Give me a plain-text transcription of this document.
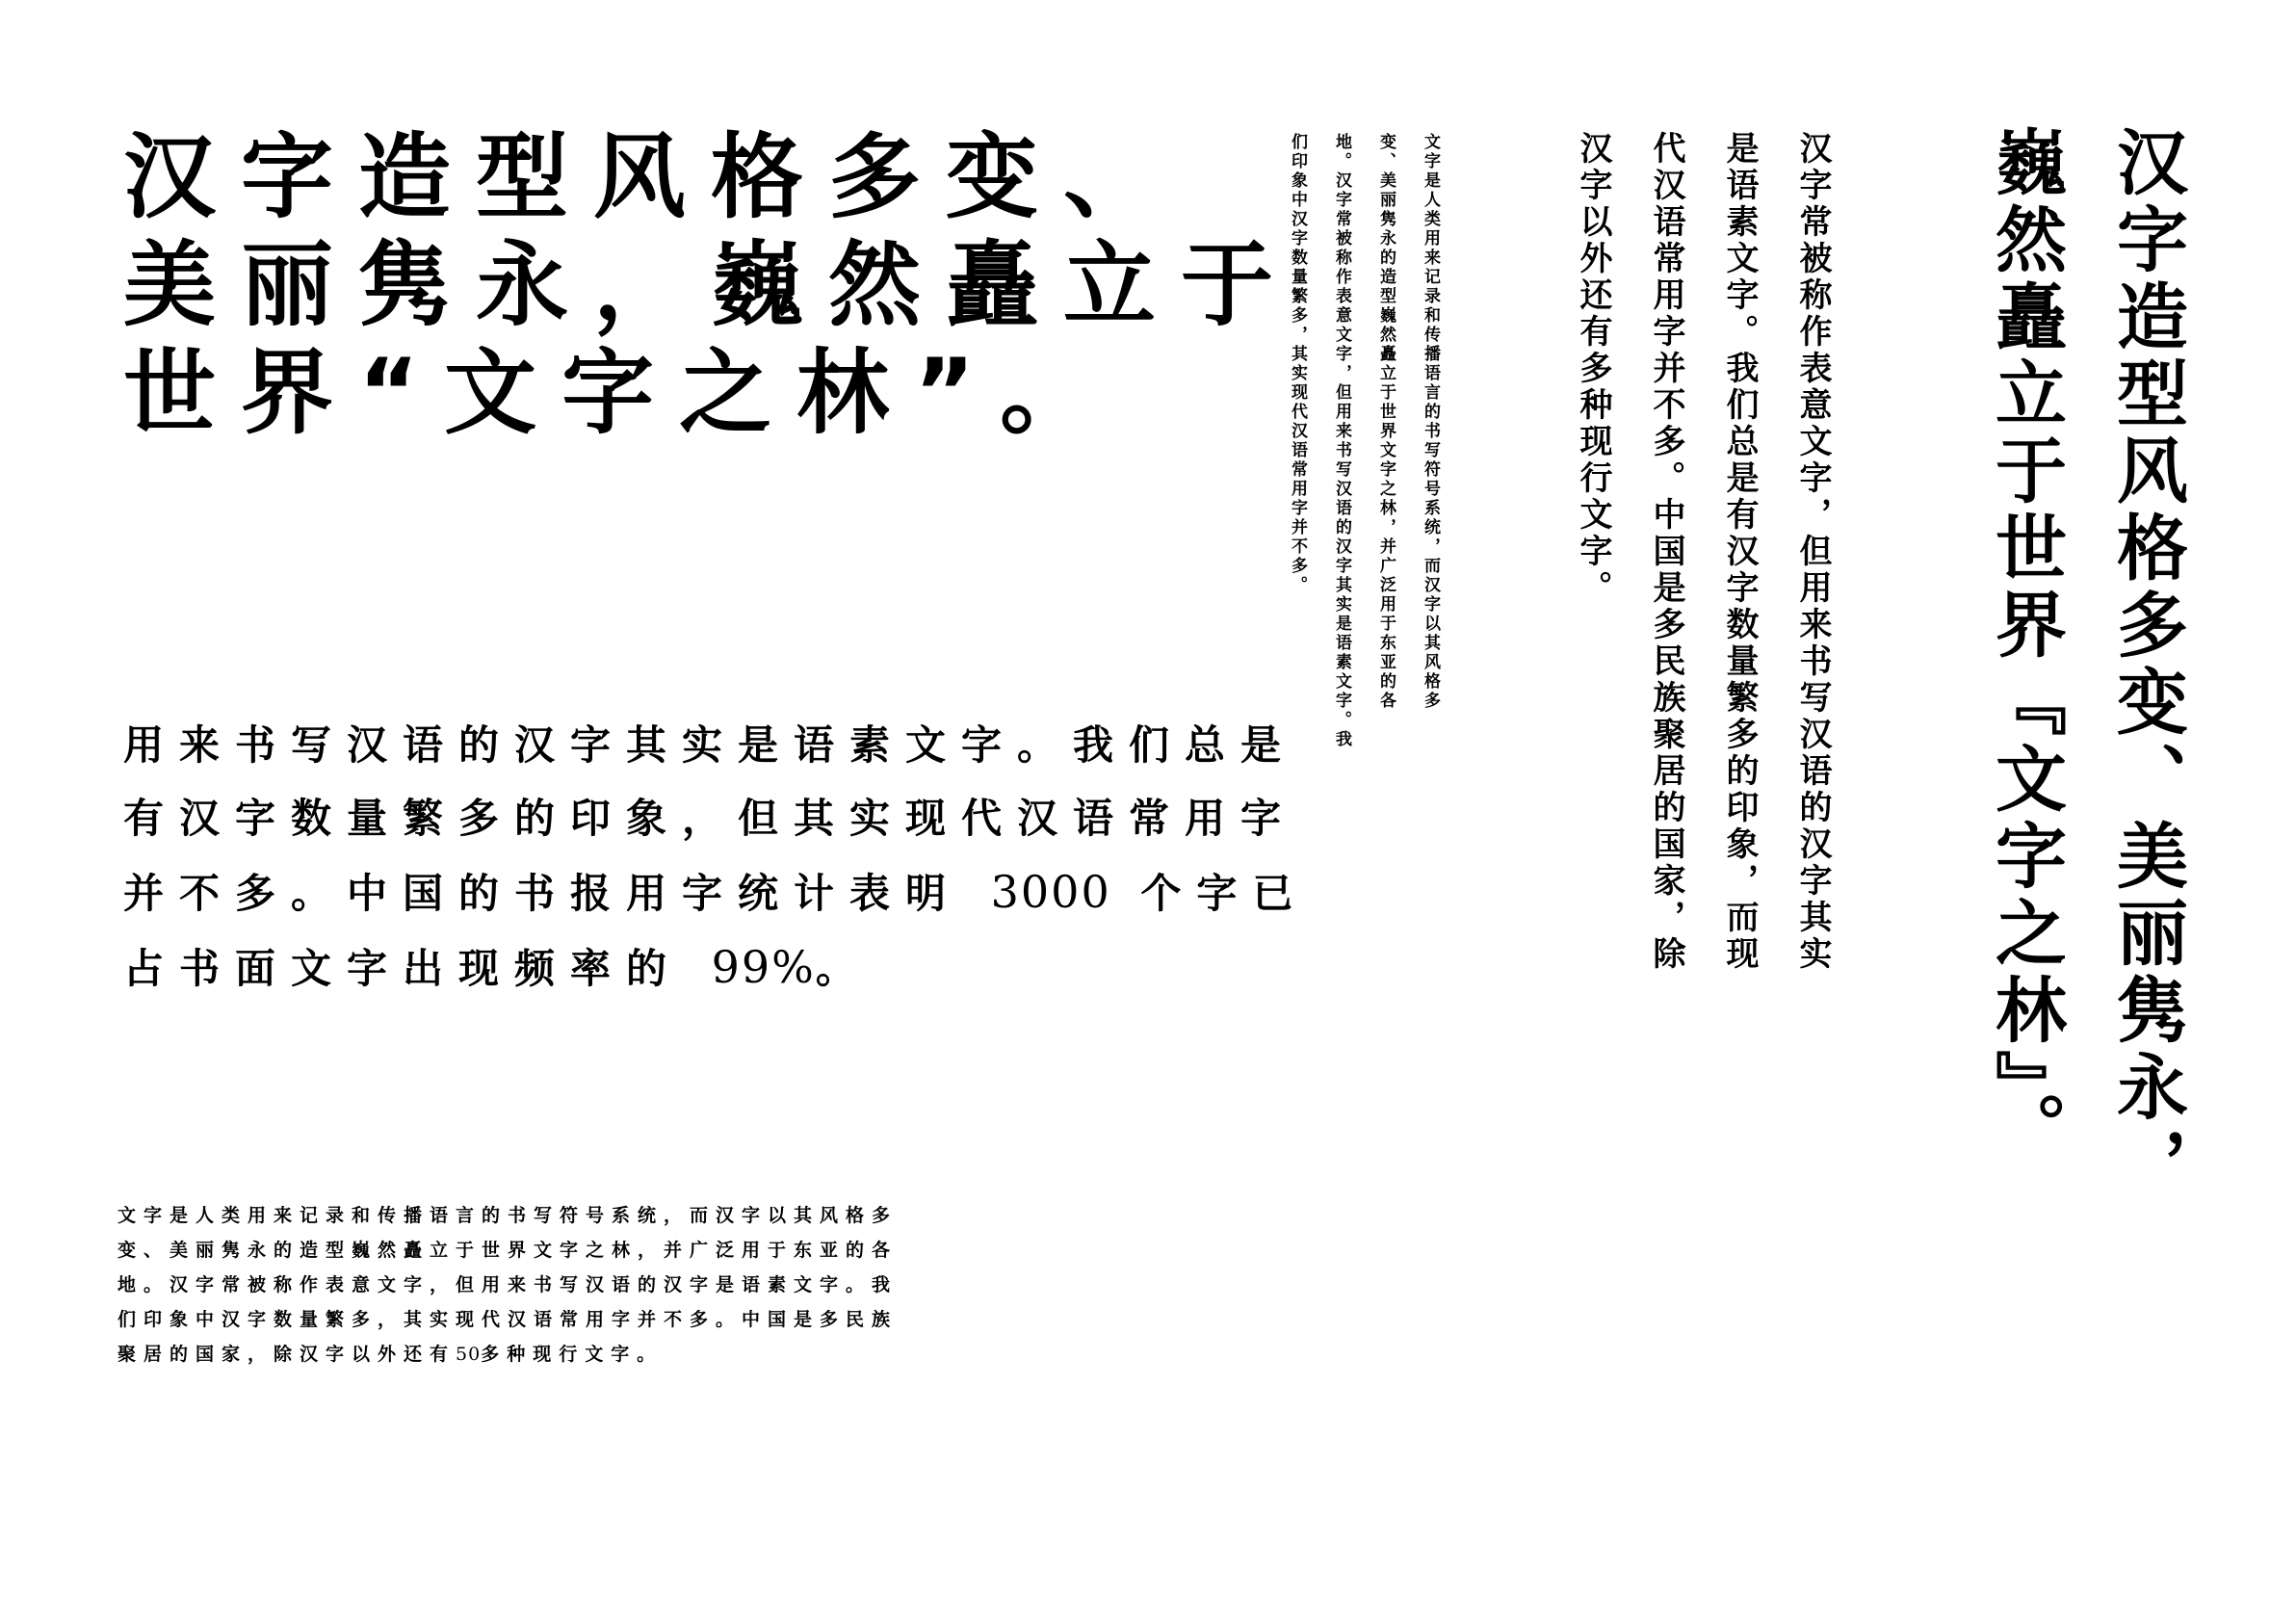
汉字造型风格多变、
美丽隽永，巍然矗立于
世界“文字之林”。
用来书写汉语的汉字其实是语素文字。我们总是
有汉字数量繁多的印象，但其实现代汉语常用字
并不多。中国的书报用字统计表明 3000 个字已
占书面文字出现频率的 99%。
文字是人类用来记录和传播语言的书写符号系统，而汉字以其风格多
变、美丽隽永的造型巍然矗立于世界文字之林，并广泛用于东亚的各
地。汉字常被称作表意文字，但用来书写汉语的汉字是语素文字。我
们印象中汉字数量繁多，其实现代汉语常用字并不多。中国是多民族
聚居的国家，除汉字以外还有50多种现行文字。
文字是人类用来记录和传播语言的书写符号系统，而汉字以其风格多
变、美丽隽永的造型巍然矗立于世界文字之林，并广泛用于东亚的各
地。汉字常被称作表意文字，但用来书写汉语的汉字其实是语素文字。我
们印象中汉字数量繁多，其实现代汉语常用字并不多。	汉字常被称作表意文字，但用来书写汉语的汉字其实
是语素文字。我们总是有汉字数量繁多的印象，而现
代汉语常用字并不多。中国是多民族聚居的国家，除
汉字以外还有多种现行文字。	汉字造型风格多变、美丽隽永，
巍然矗立于世界『文字之林』。
